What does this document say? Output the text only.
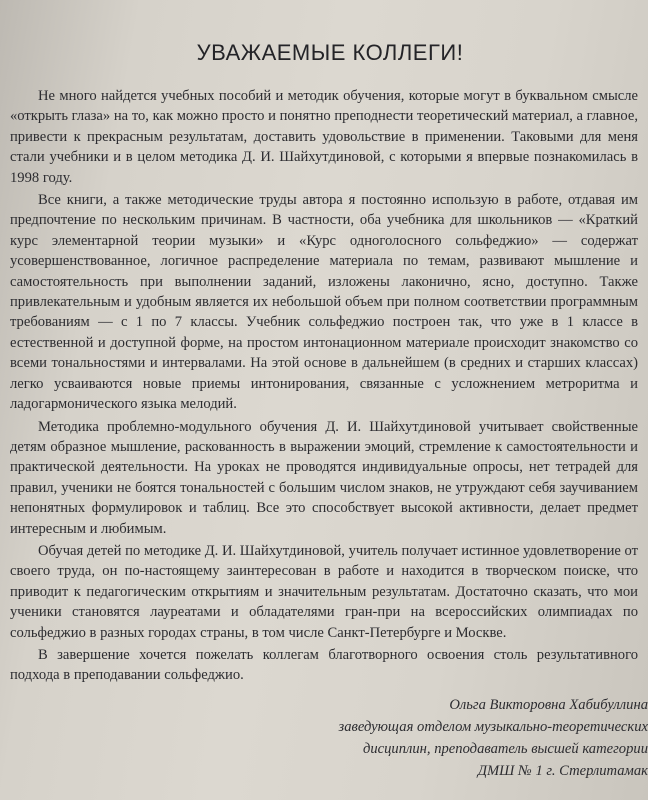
УВАЖАЕМЫЕ КОЛЛЕГИ!

Не много найдется учебных пособий и методик обучения, которые могут в буквальном смысле «открыть глаза» на то, как можно просто и понятно преподнести теоретический материал, а главное, привести к прекрасным результатам, доставить удовольствие в применении. Таковыми для меня стали учебники и в целом методика Д. И. Шайхутдиновой, с которыми я впервые познакомилась в 1998 году.

Все книги, а также методические труды автора я постоянно использую в работе, отдавая им предпочтение по нескольким причинам. В частности, оба учебника для школьников — «Краткий курс элементарной теории музыки» и «Курс одноголосного сольфеджио» — содержат усовершенствованное, логичное распределение материала по темам, развивают мышление и самостоятельность при выполнении заданий, изложены лаконично, ясно, доступно. Также привлекательным и удобным является их небольшой объем при полном соответствии программным требованиям — с 1 по 7 классы. Учебник сольфеджио построен так, что уже в 1 классе в естественной и доступной форме, на простом интонационном материале происходит знакомство со всеми тональностями и интервалами. На этой основе в дальнейшем (в средних и старших классах) легко усваиваются новые приемы интонирования, связанные с усложнением метроритма и ладогармонического языка мелодий.

Методика проблемно-модульного обучения Д. И. Шайхутдиновой учитывает свойственные детям образное мышление, раскованность в выражении эмоций, стремление к самостоятельности и практической деятельности. На уроках не проводятся индивидуальные опросы, нет тетрадей для правил, ученики не боятся тональностей с большим числом знаков, не утруждают себя заучиванием непонятных формулировок и таблиц. Все это способствует высокой активности, делает предмет интересным и любимым.

Обучая детей по методике Д. И. Шайхутдиновой, учитель получает истинное удовлетворение от своего труда, он по-настоящему заинтересован в работе и находится в творческом поиске, что приводит к педагогическим открытиям и значительным результатам. Достаточно сказать, что мои ученики становятся лауреатами и обладателями гран-при на всероссийских олимпиадах по сольфеджио в разных городах страны, в том числе Санкт-Петербурге и Москве.

В завершение хочется пожелать коллегам благотворного освоения столь результативного подхода в преподавании сольфеджио.

Ольга Викторовна Хабибуллина
заведующая отделом музыкально-теоретических
дисциплин, преподаватель высшей категории
ДМШ № 1 г. Стерлитамак
